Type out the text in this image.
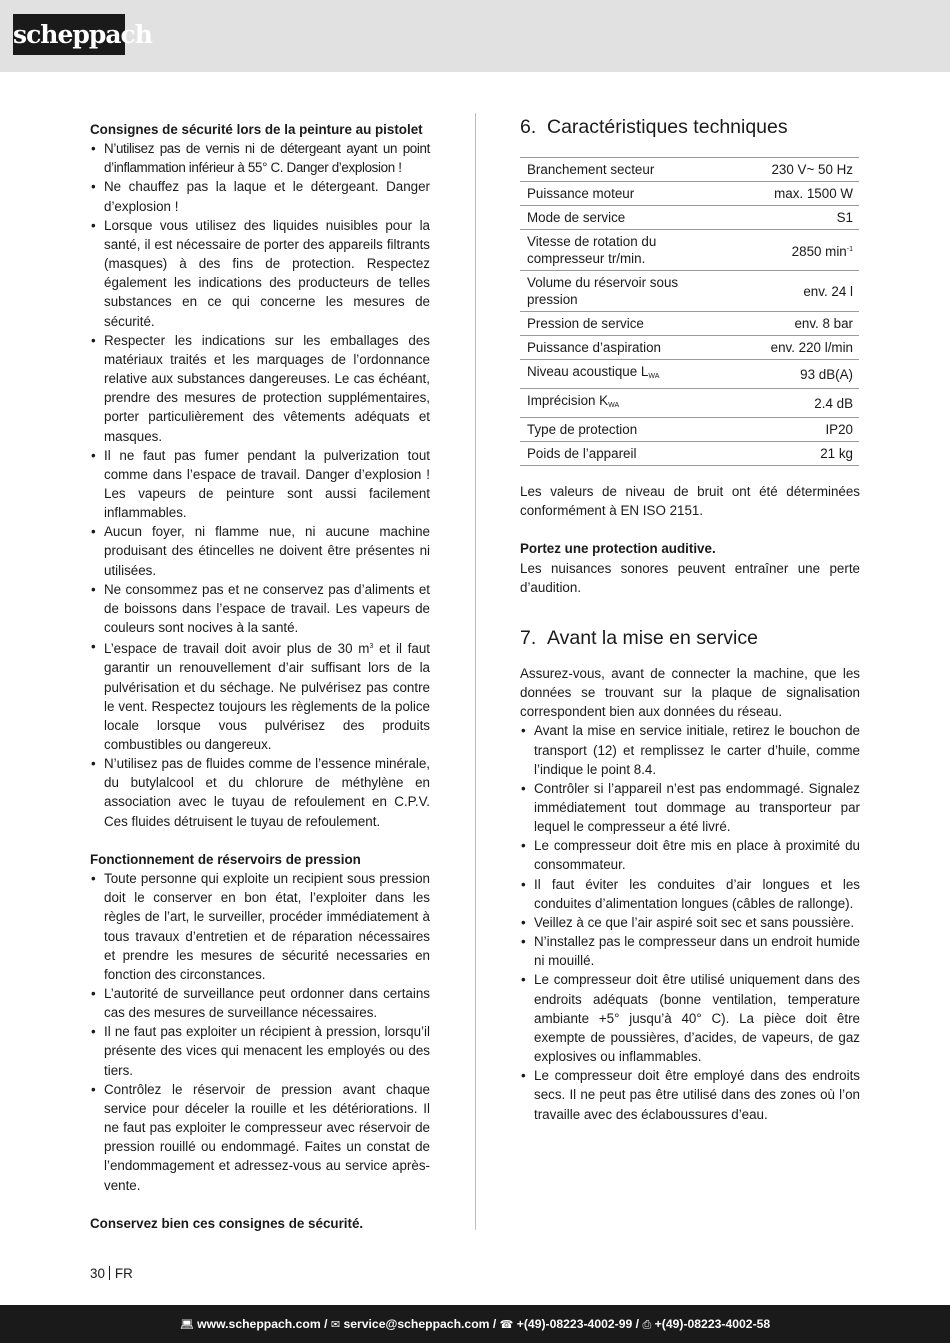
scheppach
Consignes de sécurité lors de la peinture au pistolet
• N’utilisez pas de vernis ni de détergeant ayant un point d’inflammation inférieur à 55° C. Danger d’explosion !
• Ne chauffez pas la laque et le détergeant. Danger d’explosion !
• Lorsque vous utilisez des liquides nuisibles pour la santé, il est nécessaire de porter des appareils filtrants (masques) à des fins de protection. Respectez également les indications des producteurs de telles substances en ce qui concerne les mesures de sécurité.
• Respecter les indications sur les emballages des matériaux traités et les marquages de l’ordonnance relative aux substances dangereuses. Le cas échéant, prendre des mesures de protection supplémentaires, porter particulièrement des vêtements adéquats et masques.
• Il ne faut pas fumer pendant la pulverization tout comme dans l’espace de travail. Danger d’explosion ! Les vapeurs de peinture sont aussi facilement inflammables.
• Aucun foyer, ni flamme nue, ni aucune machine produisant des étincelles ne doivent être présentes ni utilisées.
• Ne consommez pas et ne conservez pas d’aliments et de boissons dans l’espace de travail. Les vapeurs de couleurs sont nocives à la santé.
• L’espace de travail doit avoir plus de 30 $m^3$ et il faut garantir un renouvellement d’air suffisant lors de la pulvérisation et du séchage. Ne pulvérisez pas contre le vent. Respectez toujours les règlements de la police locale lorsque vous pulvérisez des produits combustibles ou dangereux.
• N’utilisez pas de fluides comme de l’essence minérale, du butylalcool et du chlorure de méthylène en association avec le tuyau de refoulement en C.P.V. Ces fluides détruisent le tuyau de refoulement.
Fonctionnement de réservoirs de pression
• Toute personne qui exploite un recipient sous pression doit le conserver en bon état, l’exploiter dans les règles de l’art, le surveiller, procéder immédiatement à tous travaux d’entretien et de réparation nécessaires et prendre les mesures de sécurité necessaries en fonction des circonstances.
• L’autorité de surveillance peut ordonner dans certains cas des mesures de surveillance nécessaires.
• Il ne faut pas exploiter un récipient à pression, lorsqu’il présente des vices qui menacent les employés ou des tiers.
• Contrôlez le réservoir de pression avant chaque service pour déceler la rouille et les détériorations. Il ne faut pas exploiter le compresseur avec réservoir de pression rouillé ou endommagé. Faites un constat de l’endommagement et adressez-vous au service après-vente.
Conservez bien ces consignes de sécurité.
6. Caractéristiques techniques
Branchement secteur	230 V~ 50 Hz
Puissance moteur	max. 1500 W
Mode de service	S1
Vitesse de rotation du compresseur tr/min.	2850 $\min^{-1}$
Volume du réservoir sous pression	env. 24 l
Pression de service	env. 8 bar
Puissance d’aspiration	env. 220 l/min
Niveau acoustique $L_{WA}$	93 dB(A)
Imprécision $K_{WA}$	2.4 dB
Type de protection	IP20
Poids de l’appareil	21 kg
Les valeurs de niveau de bruit ont été déterminées conformément à EN ISO 2151.
Portez une protection auditive.
Les nuisances sonores peuvent entraîner une perte d’audition.
7. Avant la mise en service
Assurez-vous, avant de connecter la machine, que les données se trouvant sur la plaque de signalisation correspondent bien aux données du réseau.
• Avant la mise en service initiale, retirez le bouchon de transport (12) et remplissez le carter d’huile, comme l’indique le point 8.4.
• Contrôler si l’appareil n’est pas endommagé. Signalez immédiatement tout dommage au transporteur par lequel le compresseur a été livré.
• Le compresseur doit être mis en place à proximité du consommateur.
• Il faut éviter les conduites d’air longues et les conduites d’alimentation longues (câbles de rallonge).
• Veillez à ce que l’air aspiré soit sec et sans poussière.
• N’installez pas le compresseur dans un endroit humide ni mouillé.
• Le compresseur doit être utilisé uniquement dans des endroits adéquats (bonne ventilation, temperature ambiante +5° jusqu’à 40° C). La pièce doit être exempte de poussières, d’acides, de vapeurs, de gaz explosives ou inflammables.
• Le compresseur doit être employé dans des endroits secs. Il ne peut pas être utilisé dans des zones où l’on travaille avec des éclaboussures d’eau.
30 FR
💻︎ www.scheppach.com / ✉︎ service@scheppach.com / ☎︎ +(49)-08223-4002-99 / ⎙ +(49)-08223-4002-58
